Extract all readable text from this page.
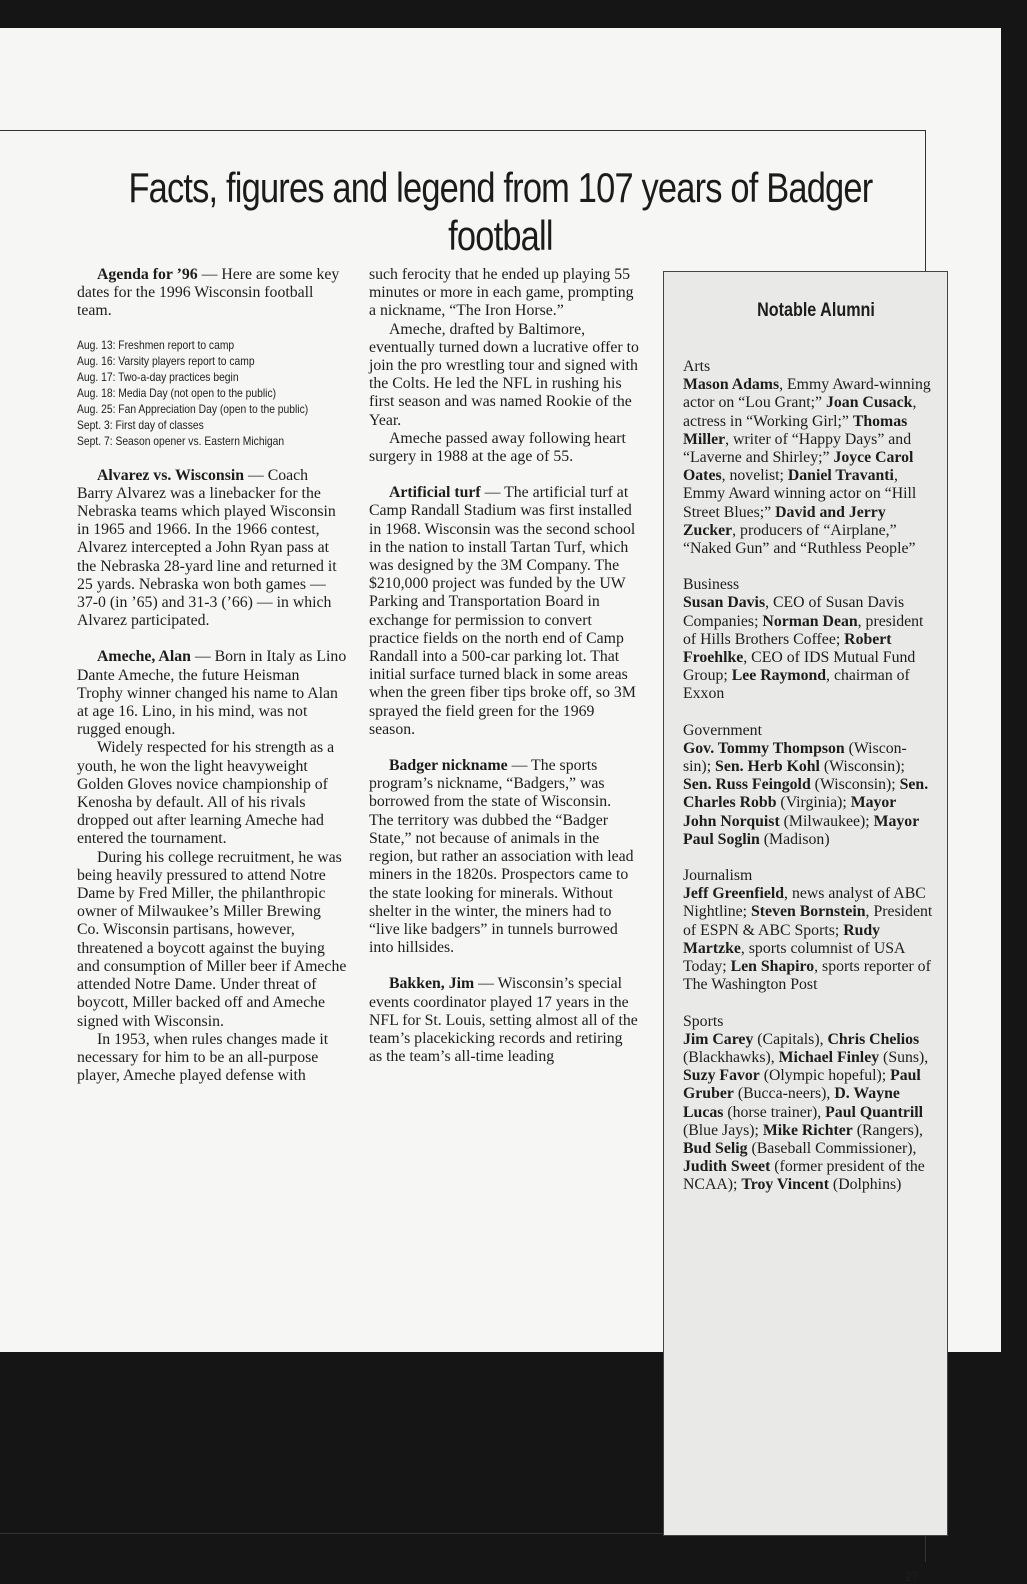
Facts, figures and legend from 107 years of Badger football

Agenda for ’96 — Here are some key dates for the 1996 Wisconsin football team.

Aug. 13: Freshmen report to camp
Aug. 16: Varsity players report to camp
Aug. 17: Two-a-day practices begin
Aug. 18: Media Day (not open to the public)
Aug. 25: Fan Appreciation Day (open to the public)
Sept. 3: First day of classes
Sept. 7: Season opener vs. Eastern Michigan

Alvarez vs. Wisconsin — Coach Barry Alvarez was a linebacker for the Nebraska teams which played Wisconsin in 1965 and 1966. In the 1966 contest, Alvarez intercepted a John Ryan pass at the Nebraska 28-yard line and returned it 25 yards. Nebraska won both games — 37-0 (in ’65) and 31-3 (’66) — in which Alvarez participated.

Ameche, Alan — Born in Italy as Lino Dante Ameche, the future Heisman Trophy winner changed his name to Alan at age 16. Lino, in his mind, was not rugged enough.

Widely respected for his strength as a youth, he won the light heavyweight Golden Gloves novice championship of Kenosha by default. All of his rivals dropped out after learning Ameche had entered the tournament.

During his college recruitment, he was being heavily pressured to attend Notre Dame by Fred Miller, the philanthropic owner of Milwaukee’s Miller Brewing Co. Wisconsin partisans, however, threatened a boycott against the buying and consumption of Miller beer if Ameche attended Notre Dame. Under threat of boycott, Miller backed off and Ameche signed with Wisconsin.

In 1953, when rules changes made it necessary for him to be an all-purpose player, Ameche played defense with

such ferocity that he ended up playing 55 minutes or more in each game, prompting a nickname, “The Iron Horse.”

Ameche, drafted by Baltimore, eventually turned down a lucrative offer to join the pro wrestling tour and signed with the Colts. He led the NFL in rushing his first season and was named Rookie of the Year.

Ameche passed away following heart surgery in 1988 at the age of 55.

Artificial turf — The artificial turf at Camp Randall Stadium was first installed in 1968. Wisconsin was the second school in the nation to install Tartan Turf, which was designed by the 3M Company. The $210,000 project was funded by the UW Parking and Transportation Board in exchange for permission to convert practice fields on the north end of Camp Randall into a 500-car parking lot. That initial surface turned black in some areas when the green fiber tips broke off, so 3M sprayed the field green for the 1969 season.

Badger nickname — The sports program’s nickname, “Badgers,” was borrowed from the state of Wisconsin. The territory was dubbed the “Badger State,” not because of animals in the region, but rather an association with lead miners in the 1820s. Prospectors came to the state looking for minerals. Without shelter in the winter, the miners had to “live like badgers” in tunnels burrowed into hillsides.

Bakken, Jim — Wisconsin’s special events coordinator played 17 years in the NFL for St. Louis, setting almost all of the team’s placekicking records and retiring as the team’s all-time leading

Notable Alumni
Arts
Mason Adams, Emmy Award-winning actor on “Lou Grant;” Joan Cusack, actress in “Working Girl;” Thomas Miller, writer of “Happy Days” and “Laverne and Shirley;” Joyce Carol Oates, novelist; Daniel Travanti, Emmy Award winning actor on “Hill Street Blues;” David and Jerry Zucker, producers of “Airplane,” “Naked Gun” and “Ruthless People”
Business
Susan Davis, CEO of Susan Davis Companies; Norman Dean, president of Hills Brothers Coffee; Robert Froehlke, CEO of IDS Mutual Fund Group; Lee Raymond, chairman of Exxon
Government
Gov. Tommy Thompson (Wiscon-sin); Sen. Herb Kohl (Wisconsin); Sen. Russ Feingold (Wisconsin); Sen. Charles Robb (Virginia); Mayor John Norquist (Milwaukee); Mayor Paul Soglin (Madison)
Journalism
Jeff Greenfield, news analyst of ABC Nightline; Steven Bornstein, President of ESPN & ABC Sports; Rudy Martzke, sports columnist of USA Today; Len Shapiro, sports reporter of The Washington Post
Sports
Jim Carey (Capitals), Chris Chelios (Blackhawks), Michael Finley (Suns), Suzy Favor (Olympic hopeful); Paul Gruber (Bucca-neers), D. Wayne Lucas (horse trainer), Paul Quantrill (Blue Jays); Mike Richter (Rangers), Bud Selig (Baseball Commissioner), Judith Sweet (former president of the NCAA); Troy Vincent (Dolphins)
27
